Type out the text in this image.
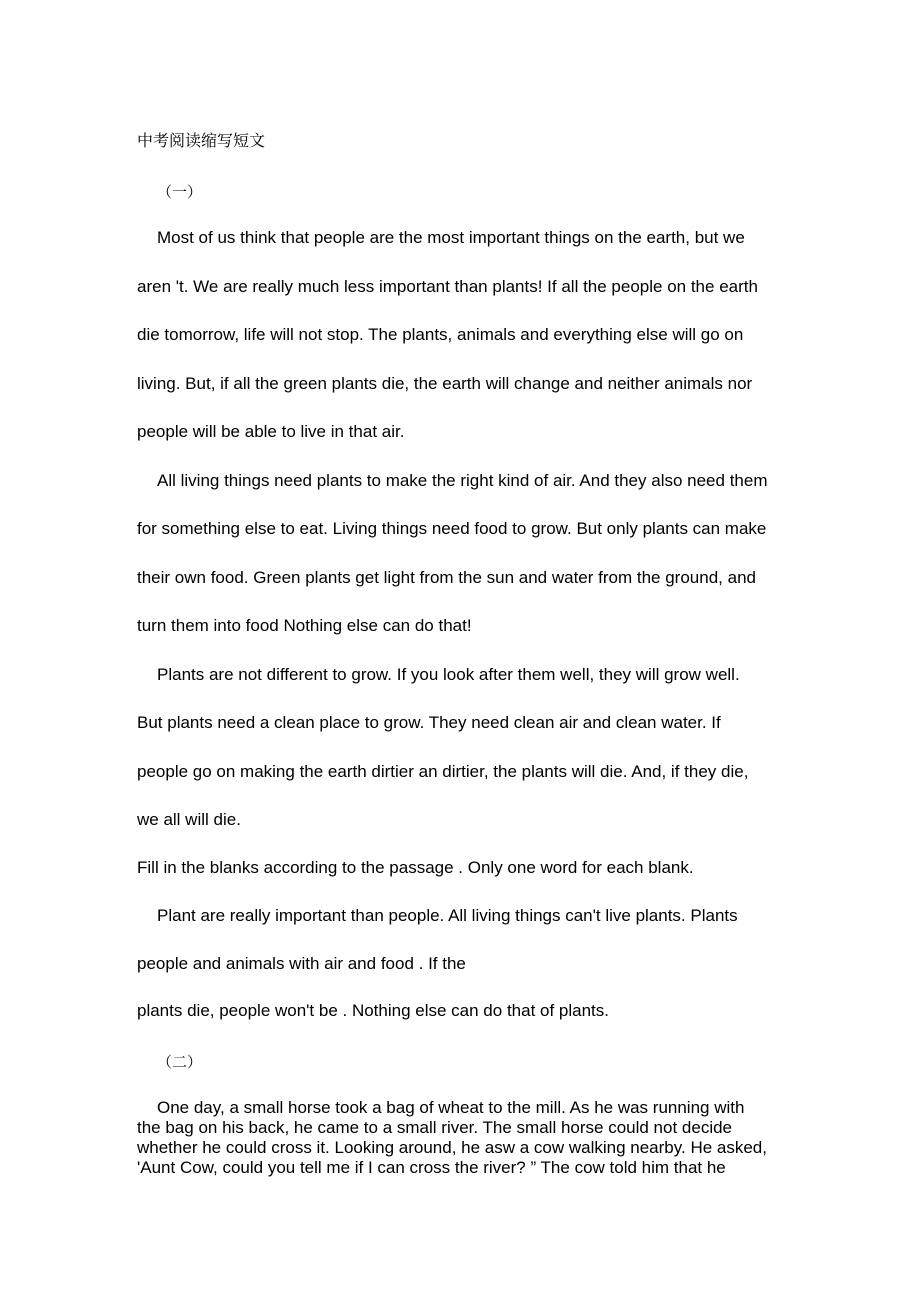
中考阅读缩写短文
（一）
Most of us think that people are the most important things on the earth, but we
aren 't. We are really much less important than plants! If all the people on the earth
die tomorrow, life will not stop. The plants, animals and everything else will go on
living. But, if all the green plants die, the earth will change and neither animals nor
people will be able to live in that air.
All living things need plants to make the right kind of air. And they also need them
for something else to eat. Living things need food to grow. But only plants can make
their own food. Green plants get light from the sun and water from the ground, and
turn them into food Nothing else can do that!
Plants are not different to grow. If you look after them well, they will grow well.
But plants need a clean place to grow. They need clean air and clean water. If
people go on making the earth dirtier an dirtier, the plants will die. And, if they die,
we all will die.
Fill in the blanks according to the passage . Only one word for each blank.
Plant are really important than people. All living things can't live plants. Plants
people and animals with air and food . If the
plants die, people won't be . Nothing else can do that of plants.
（二）
One day, a small horse took a bag of wheat to the mill. As he was running with
the bag on his back, he came to a small river. The small horse could not decide
whether he could cross it. Looking around, he asw a cow walking nearby. He asked,
'Aunt Cow, could you tell me if I can cross the river? ” The cow told him that he
